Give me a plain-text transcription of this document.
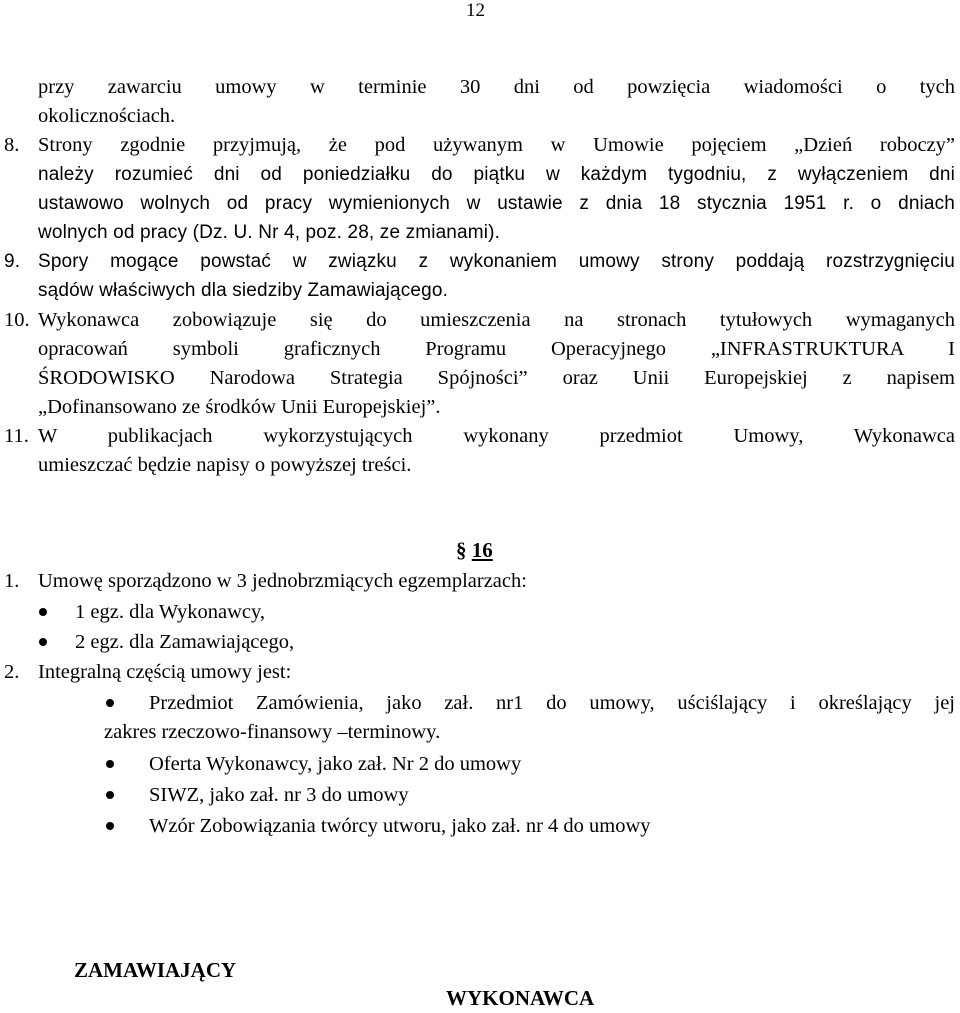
12
przy zawarciu umowy w terminie 30 dni od powzięcia wiadomości o tych
okolicznościach.
8. Strony zgodnie przyjmują, że pod używanym w Umowie pojęciem „Dzień roboczy”
należy rozumieć dni od poniedziałku do piątku w każdym tygodniu, z wyłączeniem dni
ustawowo wolnych od pracy wymienionych w ustawie z dnia 18 stycznia 1951 r. o dniach
wolnych od pracy (Dz. U. Nr 4, poz. 28, ze zmianami).
9. Spory mogące powstać w związku z wykonaniem umowy strony poddają rozstrzygnięciu
sądów właściwych dla siedziby Zamawiającego.
10. Wykonawca zobowiązuje się do umieszczenia na stronach tytułowych wymaganych
opracowań symboli graficznych Programu Operacyjnego „INFRASTRUKTURA I
ŚRODOWISKO Narodowa Strategia Spójności” oraz Unii Europejskiej z napisem
„Dofinansowano ze środków Unii Europejskiej”.
11. W publikacjach wykorzystujących wykonany przedmiot Umowy, Wykonawca
umieszczać będzie napisy o powyższej treści.
§ 16
1. Umowę sporządzono w 3 jednobrzmiących egzemplarzach:
1 egz. dla Wykonawcy,
2 egz. dla Zamawiającego,
2. Integralną częścią umowy jest:
Przedmiot Zamówienia, jako zał. nr1 do umowy, uściślający i określający jej
zakres rzeczowo-finansowy –terminowy.
Oferta Wykonawcy, jako zał. Nr 2 do umowy
SIWZ, jako zał. nr 3 do umowy
Wzór Zobowiązania twórcy utworu, jako zał. nr 4 do umowy
ZAMAWIAJĄCY
WYKONAWCA
